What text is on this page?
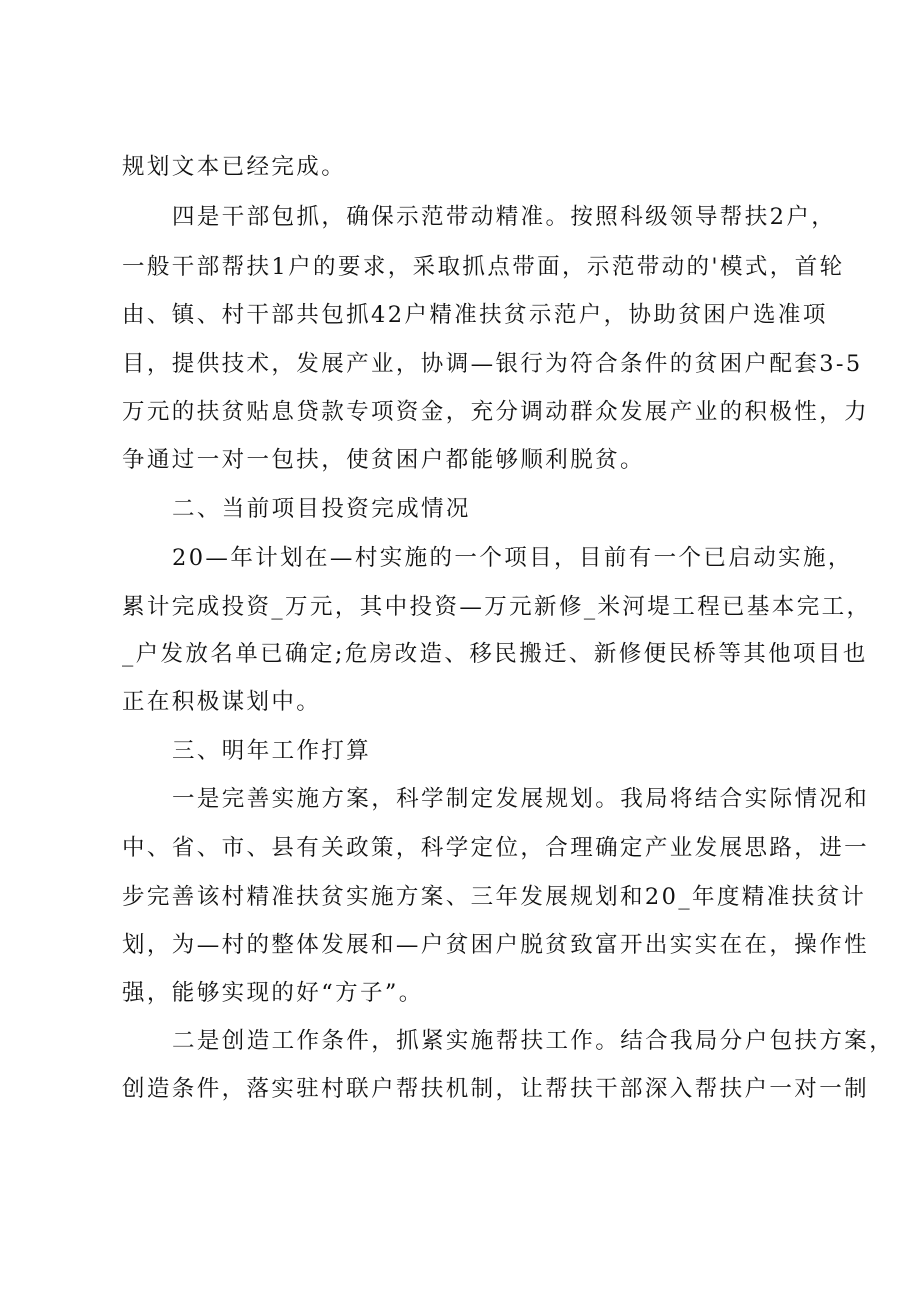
规划文本已经完成。
四是干部包抓，确保示范带动精准。按照科级领导帮扶2户，
一般干部帮扶1户的要求，采取抓点带面，示范带动的'模式，首轮
由、镇、村干部共包抓42户精准扶贫示范户，协助贫困户选准项
目，提供技术，发展产业，协调—银行为符合条件的贫困户配套3-5
万元的扶贫贴息贷款专项资金，充分调动群众发展产业的积极性，力
争通过一对一包扶，使贫困户都能够顺利脱贫。
二、当前项目投资完成情况
20—年计划在—村实施的一个项目，目前有一个已启动实施，
累计完成投资_万元，其中投资—万元新修_米河堤工程已基本完工，
_户发放名单已确定;危房改造、移民搬迁、新修便民桥等其他项目也
正在积极谋划中。
三、明年工作打算
一是完善实施方案，科学制定发展规划。我局将结合实际情况和
中、省、市、县有关政策，科学定位，合理确定产业发展思路，进一
步完善该村精准扶贫实施方案、三年发展规划和20_年度精准扶贫计
划，为—村的整体发展和—户贫困户脱贫致富开出实实在在，操作性
强，能够实现的好“方子”。
二是创造工作条件，抓紧实施帮扶工作。结合我局分户包扶方案，
创造条件，落实驻村联户帮扶机制，让帮扶干部深入帮扶户一对一制
